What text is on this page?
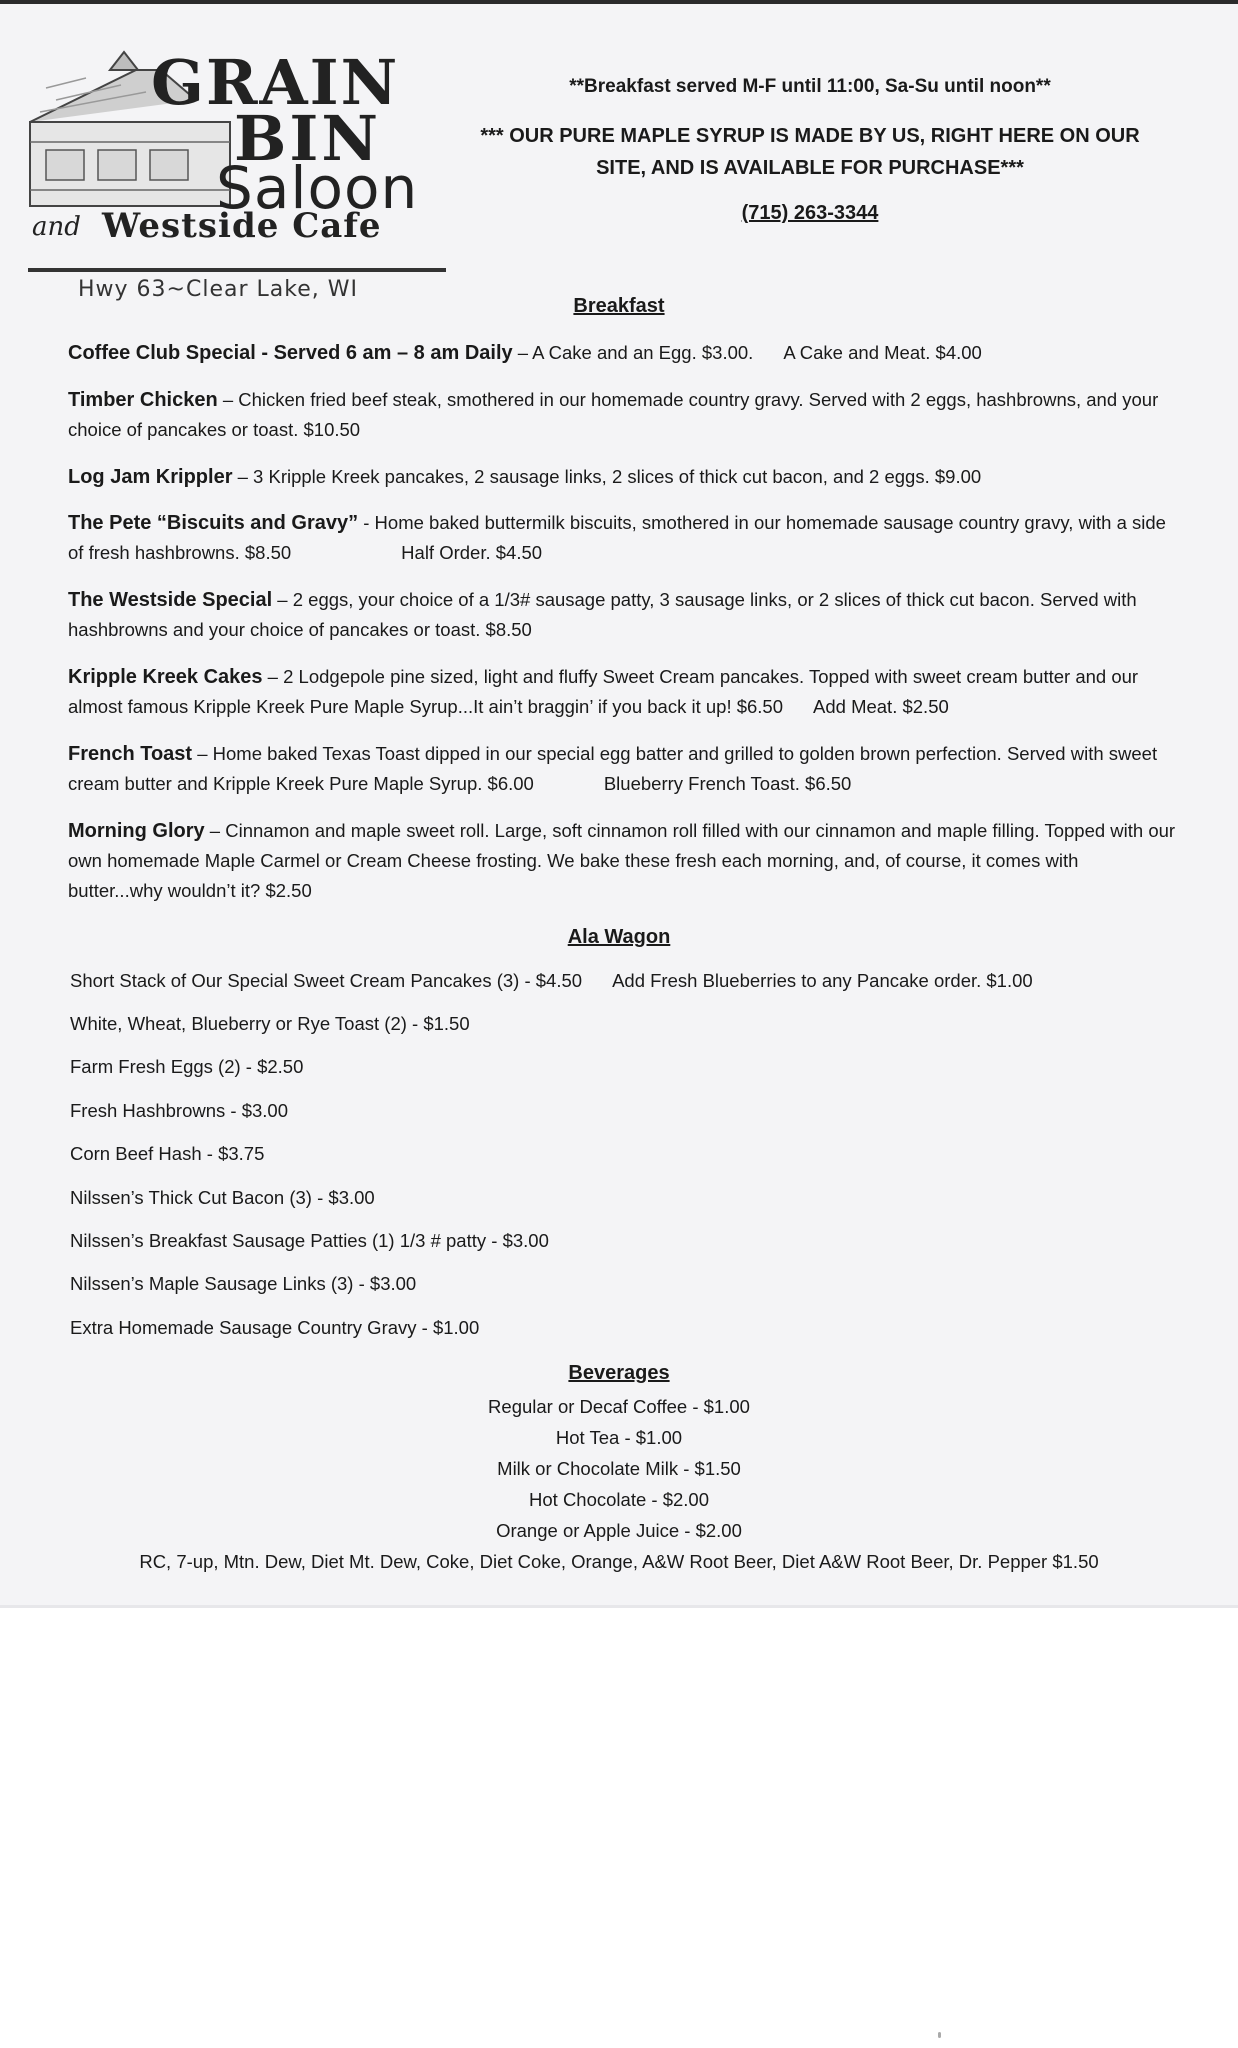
GRAIN
BIN
Saloon
and Westside Cafe
Hwy 63~Clear Lake, WI
**Breakfast served M-F until 11:00, Sa-Su until noon**
*** OUR PURE MAPLE SYRUP IS MADE BY US, RIGHT HERE ON OUR
SITE, AND IS AVAILABLE FOR PURCHASE***
(715) 263-3344
Breakfast
Coffee Club Special - Served 6 am – 8 am Daily – A Cake and an Egg. $3.00. A Cake and Meat. $4.00
Timber Chicken – Chicken fried beef steak, smothered in our homemade country gravy. Served with 2 eggs, hashbrowns, and your choice of pancakes or toast. $10.50
Log Jam Krippler – 3 Kripple Kreek pancakes, 2 sausage links, 2 slices of thick cut bacon, and 2 eggs. $9.00
The Pete “Biscuits and Gravy” - Home baked buttermilk biscuits, smothered in our homemade sausage country gravy, with a side of fresh hashbrowns. $8.50	Half Order. $4.50
The Westside Special – 2 eggs, your choice of a 1/3# sausage patty, 3 sausage links, or 2 slices of thick cut bacon. Served with hashbrowns and your choice of pancakes or toast. $8.50
Kripple Kreek Cakes – 2 Lodgepole pine sized, light and fluffy Sweet Cream pancakes. Topped with sweet cream butter and our almost famous Kripple Kreek Pure Maple Syrup...It ain’t braggin’ if you back it up! $6.50 Add Meat. $2.50
French Toast – Home baked Texas Toast dipped in our special egg batter and grilled to golden brown perfection. Served with sweet cream butter and Kripple Kreek Pure Maple Syrup. $6.00	Blueberry French Toast. $6.50
Morning Glory – Cinnamon and maple sweet roll. Large, soft cinnamon roll filled with our cinnamon and maple filling. Topped with our own homemade Maple Carmel or Cream Cheese frosting. We bake these fresh each morning, and, of course, it comes with butter...why wouldn’t it? $2.50
Ala Wagon
Short Stack of Our Special Sweet Cream Pancakes (3) - $4.50 Add Fresh Blueberries to any Pancake order. $1.00
White, Wheat, Blueberry or Rye Toast (2) - $1.50
Farm Fresh Eggs (2) - $2.50
Fresh Hashbrowns - $3.00
Corn Beef Hash - $3.75
Nilssen’s Thick Cut Bacon (3) - $3.00
Nilssen’s Breakfast Sausage Patties (1) 1/3 # patty - $3.00
Nilssen’s Maple Sausage Links (3) - $3.00
Extra Homemade Sausage Country Gravy - $1.00
Beverages
Regular or Decaf Coffee - $1.00
Hot Tea - $1.00
Milk or Chocolate Milk - $1.50
Hot Chocolate - $2.00
Orange or Apple Juice - $2.00
RC, 7-up, Mtn. Dew, Diet Mt. Dew, Coke, Diet Coke, Orange, A&W Root Beer, Diet A&W Root Beer, Dr. Pepper $1.50
